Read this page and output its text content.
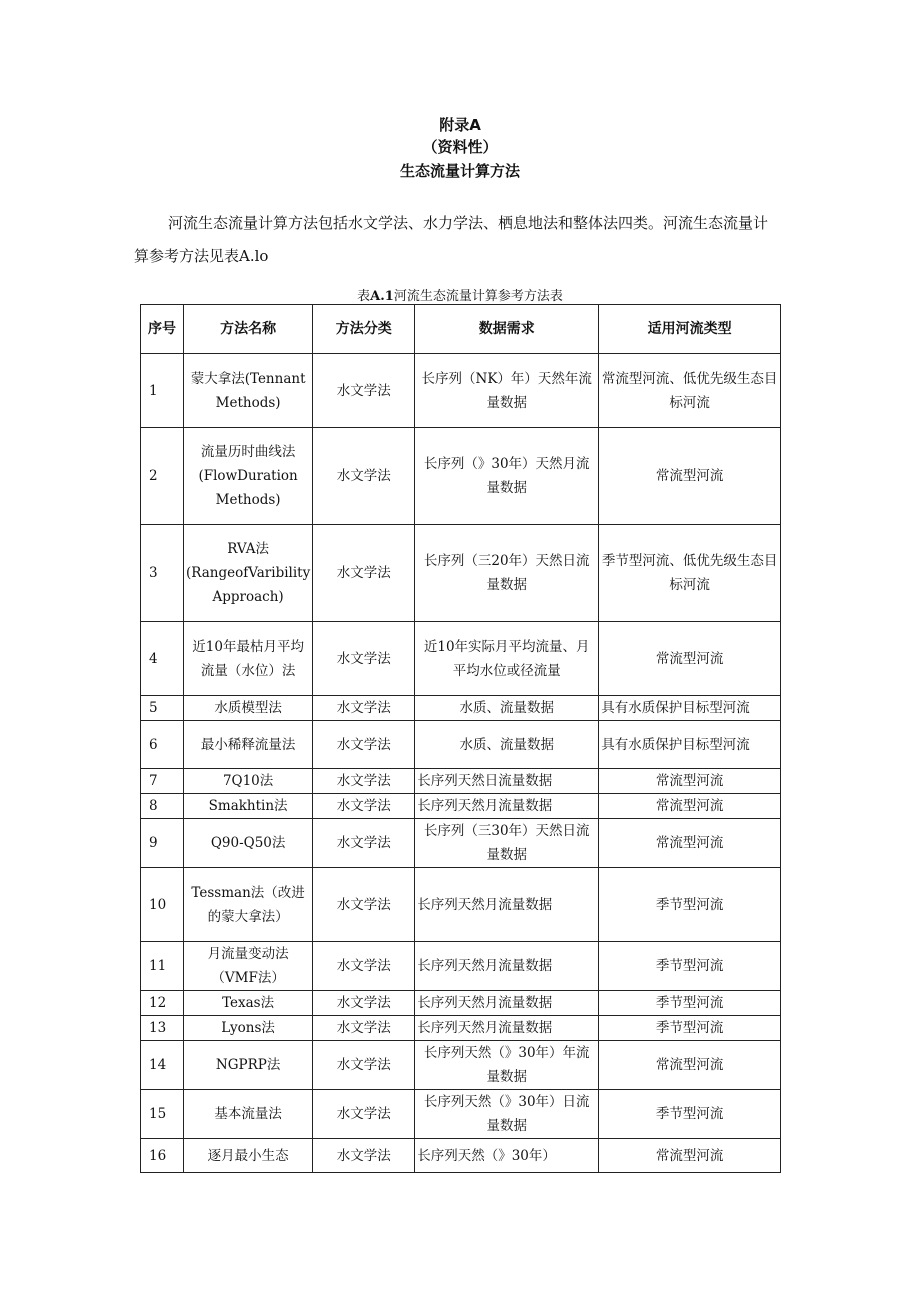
附录A
（资料性）
生态流量计算方法

河流生态流量计算方法包括水文学法、水力学法、栖息地法和整体法四类。河流生态流量计算参考方法见表A.lo

表A.1河流生态流量计算参考方法表
序号	方法名称	方法分类	数据需求	适用河流类型
1	蒙大拿法(Tennant Methods)	水文学法	长序列（NK）年）天然年流量数据	常流型河流、低优先级生态目标河流
2	流量历时曲线法(FlowDuration Methods)	水文学法	长序列（》30年）天然月流量数据	常流型河流
3	RVA法(RangeofVaribility Approach)	水文学法	长序列（三20年）天然日流量数据	季节型河流、低优先级生态目标河流
4	近10年最枯月平均流量（水位）法	水文学法	近10年实际月平均流量、月平均水位或径流量	常流型河流
5	水质模型法	水文学法	水质、流量数据	具有水质保护目标型河流
6	最小稀释流量法	水文学法	水质、流量数据	具有水质保护目标型河流
7	7Q10法	水文学法	长序列天然日流量数据	常流型河流
8	Smakhtin法	水文学法	长序列天然月流量数据	常流型河流
9	Q90-Q50法	水文学法	长序列（三30年）天然日流量数据	常流型河流
10	Tessman法（改进的蒙大拿法）	水文学法	长序列天然月流量数据	季节型河流
11	月流量变动法（VMF法）	水文学法	长序列天然月流量数据	季节型河流
12	Texas法	水文学法	长序列天然月流量数据	季节型河流
13	Lyons法	水文学法	长序列天然月流量数据	季节型河流
14	NGPRP法	水文学法	长序列天然（》30年）年流量数据	常流型河流
15	基本流量法	水文学法	长序列天然（》30年）日流量数据	季节型河流
16	逐月最小生态	水文学法	长序列天然（》30年）	常流型河流
